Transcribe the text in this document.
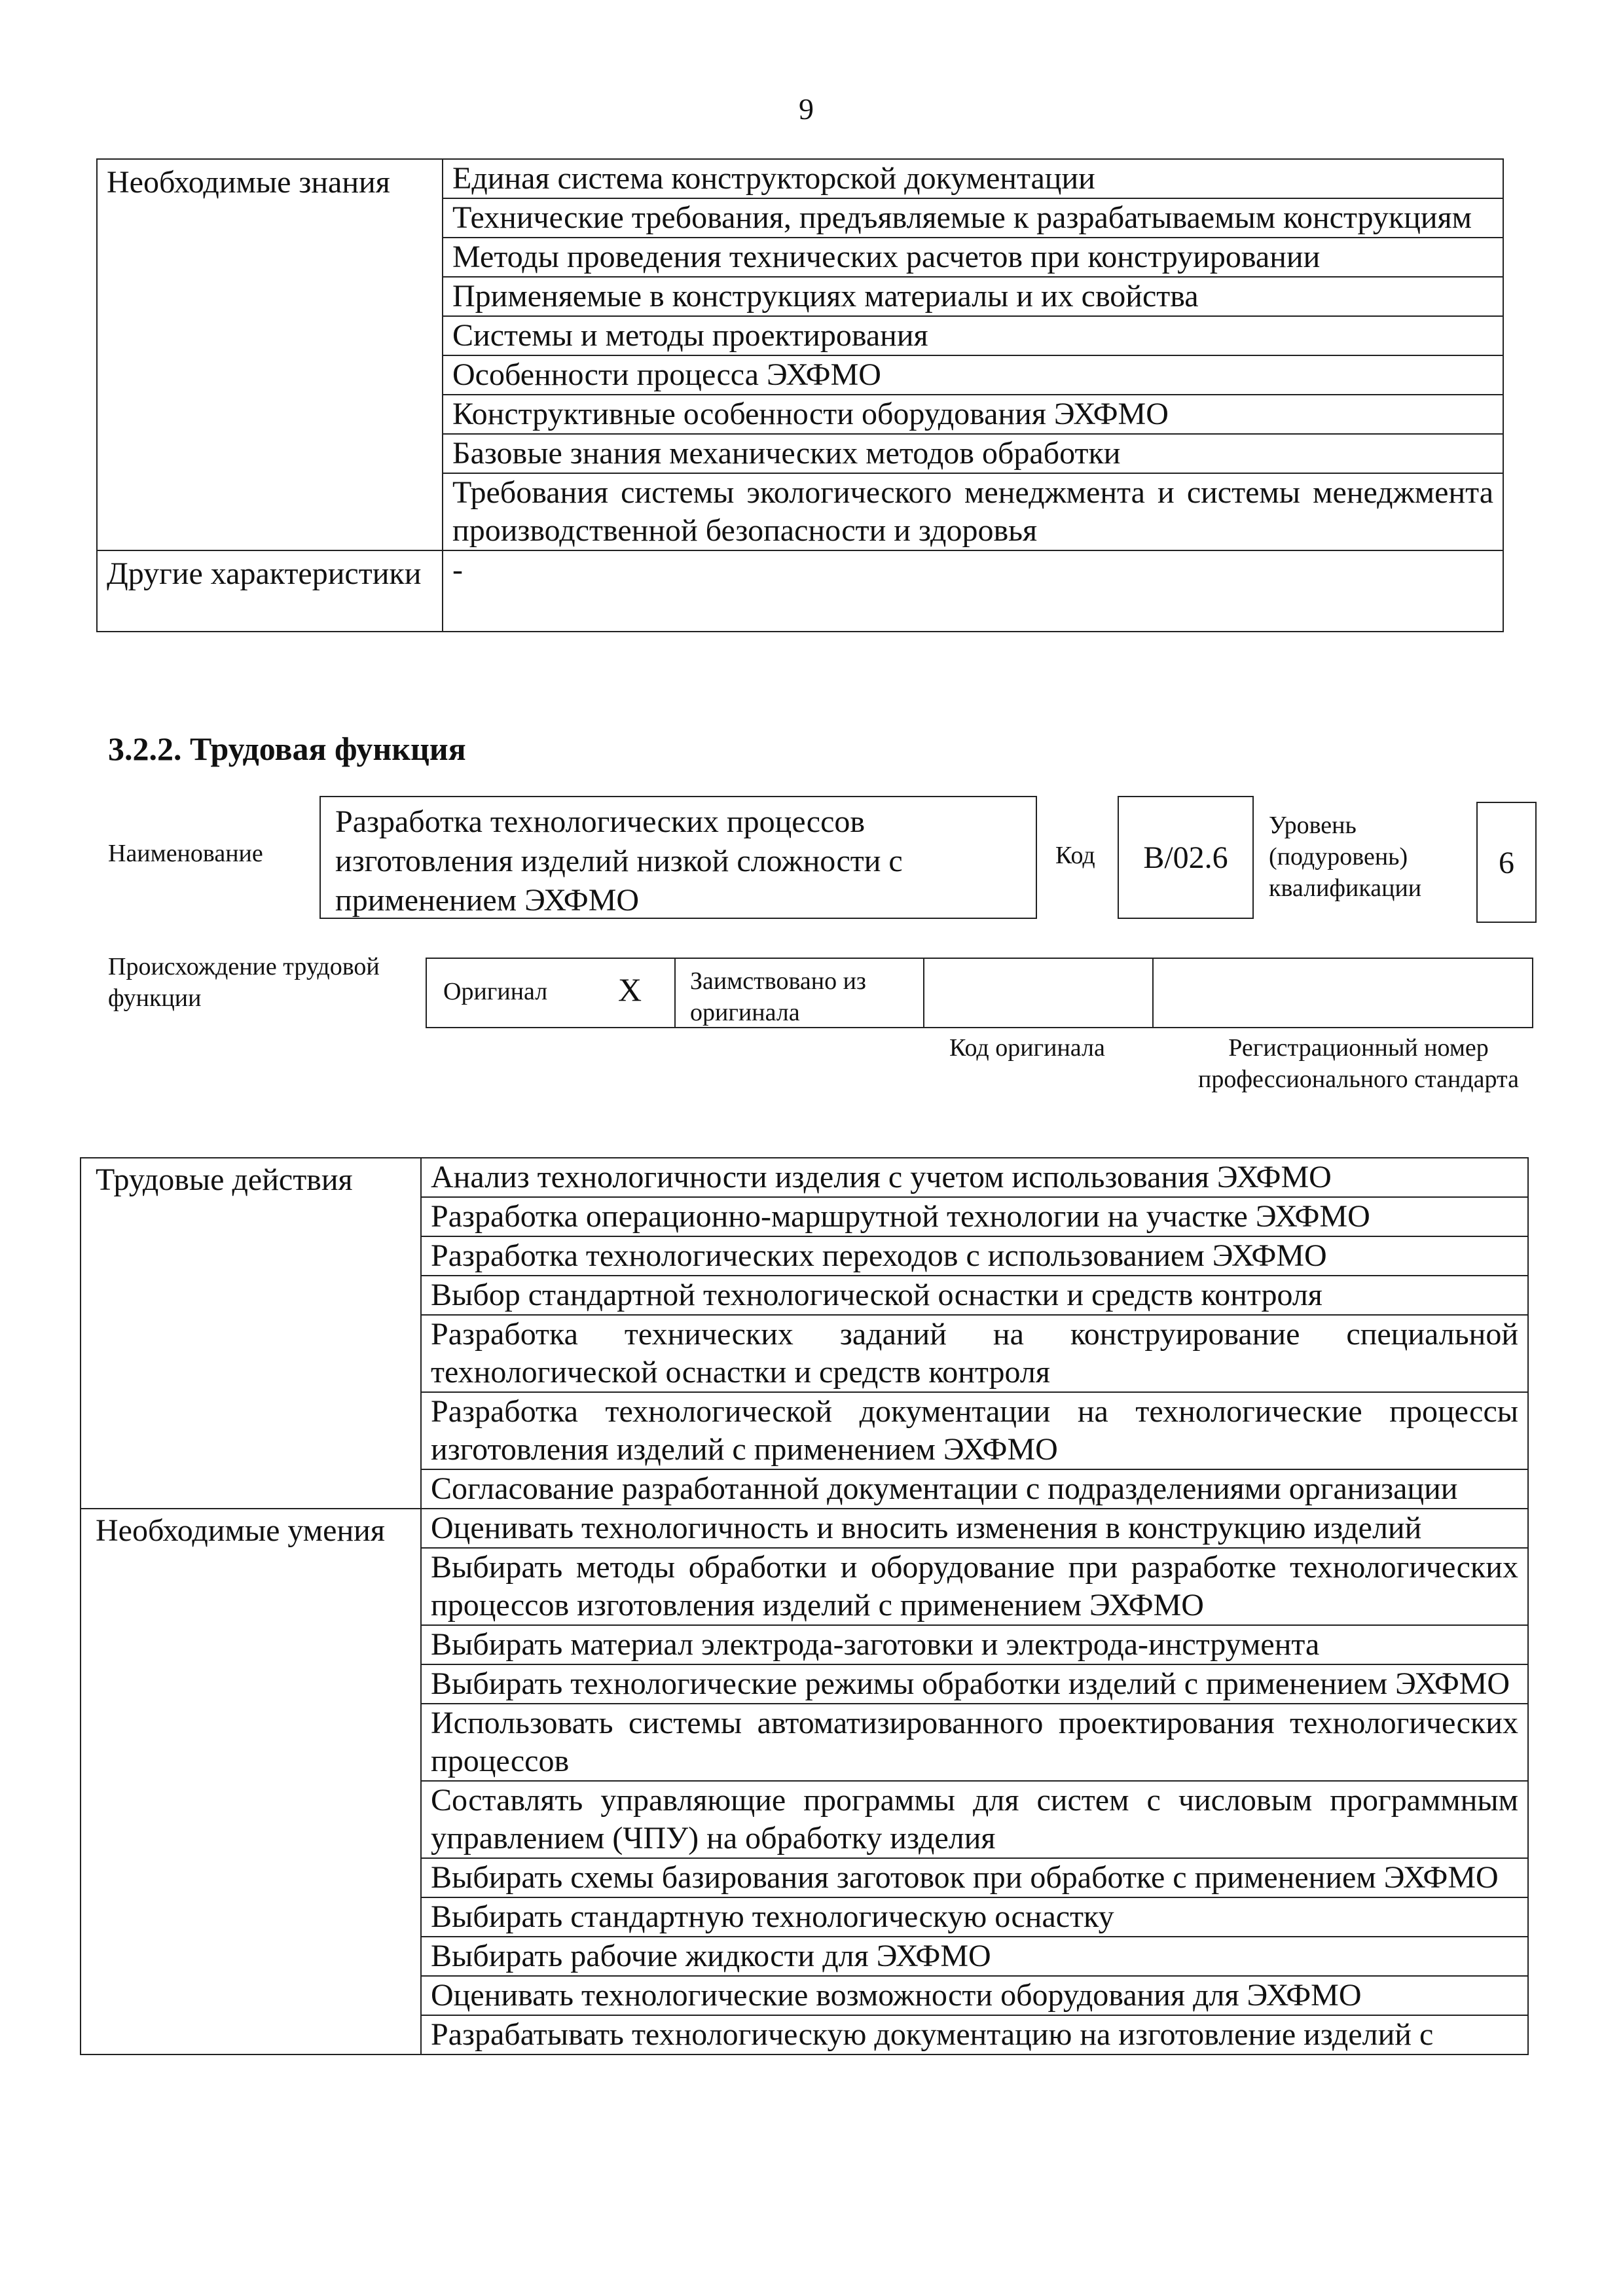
9
Необходимые знания	Единая система конструкторской документации
	Технические требования, предъявляемые к разрабатываемым конструкциям
	Методы проведения технических расчетов при конструировании
	Применяемые в конструкциях материалы и их свойства
	Системы и методы проектирования
	Особенности процесса ЭХФМО
	Конструктивные особенности оборудования ЭХФМО
	Базовые знания механических методов обработки
	Требования системы экологического менеджмента и системы менеджмента производственной безопасности и здоровья
Другие характеристики	-
3.2.2. Трудовая функция
Наименование
Разработка технологических процессов изготовления изделий низкой сложности с применением ЭХФМО
Код	B/02.6
Уровень (подуровень) квалификации
6
Происхождение трудовой функции	Оригинал X	Заимствовано из оригинала
Код оригинала	Регистрационный номер профессионального стандарта
Трудовые действия	Анализ технологичности изделия с учетом использования ЭХФМО
	Разработка операционно-маршрутной технологии на участке ЭХФМО
	Разработка технологических переходов с использованием ЭХФМО
	Выбор стандартной технологической оснастки и средств контроля
	Разработка технических заданий на конструирование специальной технологической оснастки и средств контроля
	Разработка технологической документации на технологические процессы изготовления изделий с применением ЭХФМО
	Согласование разработанной документации с подразделениями организации
Необходимые умения	Оценивать технологичность и вносить изменения в конструкцию изделий
	Выбирать методы обработки и оборудование при разработке технологических процессов изготовления изделий с применением ЭХФМО
	Выбирать материал электрода-заготовки и электрода-инструмента
	Выбирать технологические режимы обработки изделий с применением ЭХФМО
	Использовать системы автоматизированного проектирования технологических процессов
	Составлять управляющие программы для систем с числовым программным управлением (ЧПУ) на обработку изделия
	Выбирать схемы базирования заготовок при обработке с применением ЭХФМО
	Выбирать стандартную технологическую оснастку
	Выбирать рабочие жидкости для ЭХФМО
	Оценивать технологические возможности оборудования для ЭХФМО
	Разрабатывать технологическую документацию на изготовление изделий с
